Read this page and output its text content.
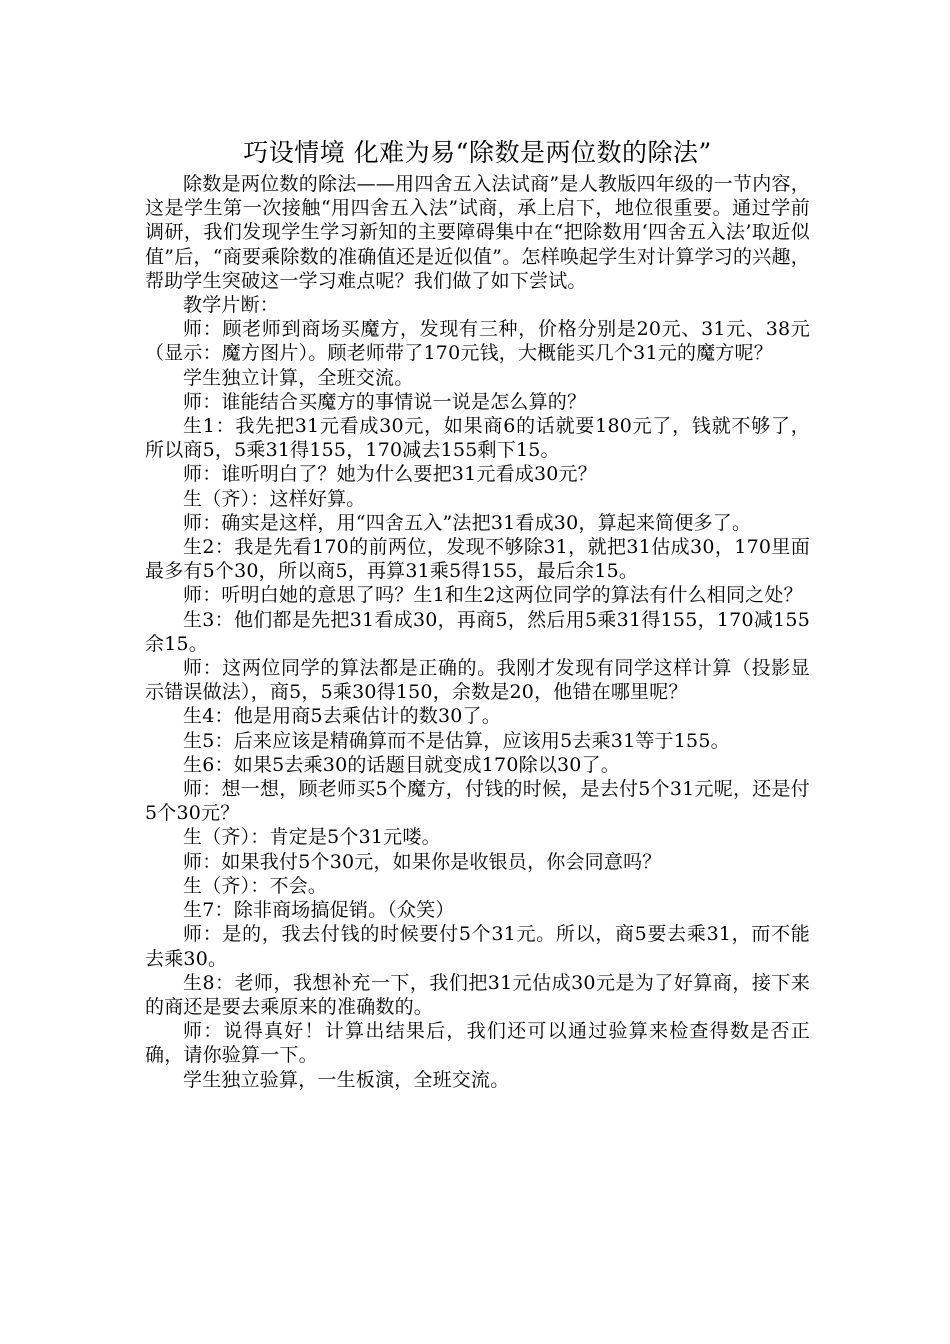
巧设情境 化难为易“除数是两位数的除法”

除数是两位数的除法——用四舍五入法试商”是人教版四年级的一节内容，这是学生第一次接触“用四舍五入法”试商，承上启下，地位很重要。通过学前调研，我们发现学生学习新知的主要障碍集中在“把除数用‘四舍五入法’取近似值”后，“商要乘除数的准确值还是近似值”。怎样唤起学生对计算学习的兴趣，帮助学生突破这一学习难点呢？我们做了如下尝试。

教学片断：

师：顾老师到商场买魔方，发现有三种，价格分别是20元、31元、38元（显示：魔方图片）。顾老师带了170元钱，大概能买几个31元的魔方呢？

学生独立计算，全班交流。

师：谁能结合买魔方的事情说一说是怎么算的？

生1：我先把31元看成30元，如果商6的话就要180元了，钱就不够了，所以商5，5乘31得155，170减去155剩下15。

师：谁听明白了？她为什么要把31元看成30元？

生（齐）：这样好算。

师：确实是这样，用“四舍五入”法把31看成30，算起来简便多了。

生2：我是先看170的前两位，发现不够除31，就把31估成30，170里面最多有5个30，所以商5，再算31乘5得155，最后余15。

师：听明白她的意思了吗？生1和生2这两位同学的算法有什么相同之处？

生3：他们都是先把31看成30，再商5，然后用5乘31得155，170减155余15。

师：这两位同学的算法都是正确的。我刚才发现有同学这样计算（投影显示错误做法），商5，5乘30得150，余数是20，他错在哪里呢？

生4：他是用商5去乘估计的数30了。

生5：后来应该是精确算而不是估算，应该用5去乘31等于155。

生6：如果5去乘30的话题目就变成170除以30了。

师：想一想，顾老师买5个魔方，付钱的时候，是去付5个31元呢，还是付5个30元？

生（齐）：肯定是5个31元喽。

师：如果我付5个30元，如果你是收银员，你会同意吗？

生（齐）：不会。

生7：除非商场搞促销。（众笑）

师：是的，我去付钱的时候要付5个31元。所以，商5要去乘31，而不能去乘30。

生8：老师，我想补充一下，我们把31元估成30元是为了好算商，接下来的商还是要去乘原来的准确数的。

师：说得真好！计算出结果后，我们还可以通过验算来检查得数是否正确，请你验算一下。

学生独立验算，一生板演，全班交流。
